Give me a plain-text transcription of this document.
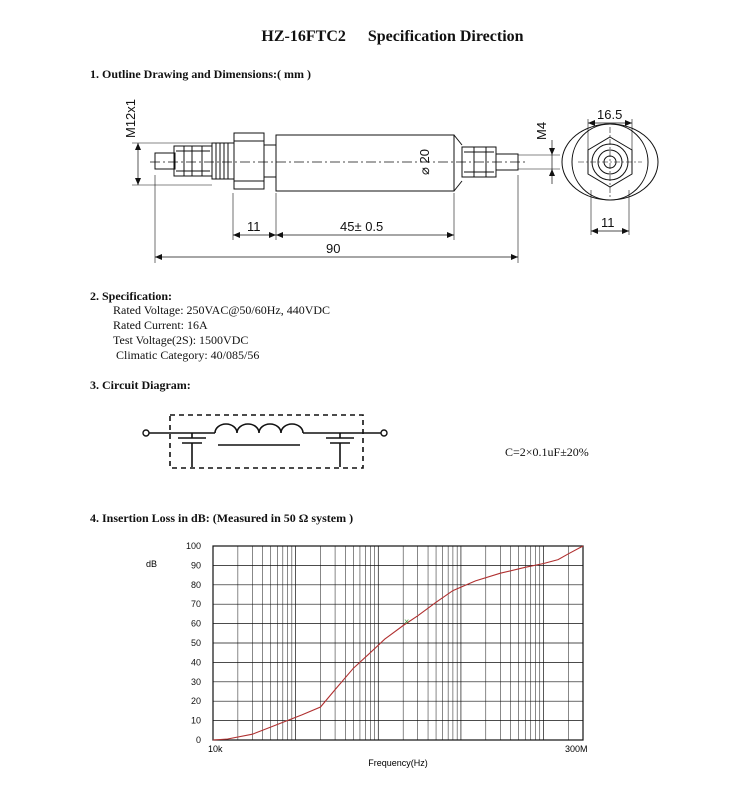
HZ-16FTC2 Specification Direction
1. Outline Drawing and Dimensions:( mm )
M12x1
⌀ 20
11	45± 0.5
90
M4
16.5
11
2. Specification:
Rated Voltage: 250VAC@50/60Hz, 440VDC
Rated Current: 16A
Test Voltage(2S): 1500VDC
Climatic Category: 40/085/56
3. Circuit Diagram:
C=2×0.1uF±20%
4. Insertion Loss in dB: (Measured in 50 Ω system )
0
10
20
30
40
50
60
70
80
90
100
dB
10k	300M
Frequency(Hz)
×
